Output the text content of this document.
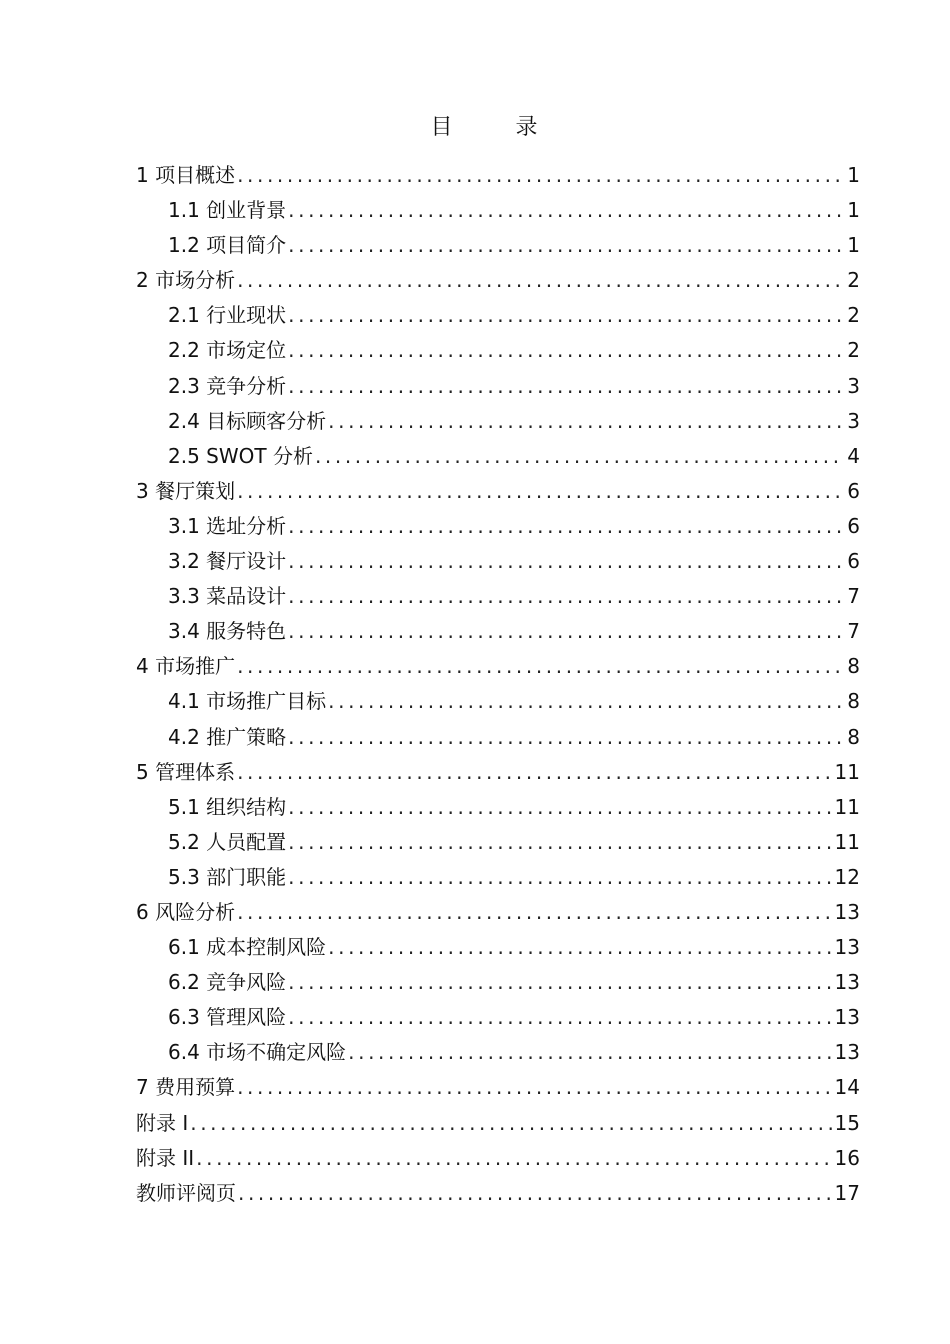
目 录
1 项目概述 .....	1
1.1 创业背景 .....	1
1.2 项目简介 .....	1
2 市场分析 .....	2
2.1 行业现状 .....	2
2.2 市场定位 .....	2
2.3 竞争分析 .....	3
2.4 目标顾客分析 .....	3
2.5 SWOT 分析 .....	4
3 餐厅策划 .....	6
3.1 选址分析 .....	6
3.2 餐厅设计 .....	6
3.3 菜品设计 .....	7
3.4 服务特色 .....	7
4 市场推广 .....	8
4.1 市场推广目标 .....	8
4.2 推广策略 .....	8
5 管理体系 .....	11
5.1 组织结构 .....	11
5.2 人员配置 .....	11
5.3 部门职能 .....	12
6 风险分析 .....	13
6.1 成本控制风险 .....	13
6.2 竞争风险 .....	13
6.3 管理风险 .....	13
6.4 市场不确定风险 .....	13
7 费用预算 .....	14
附录 I .....	15
附录 II .....	16
教师评阅页 .....	17
